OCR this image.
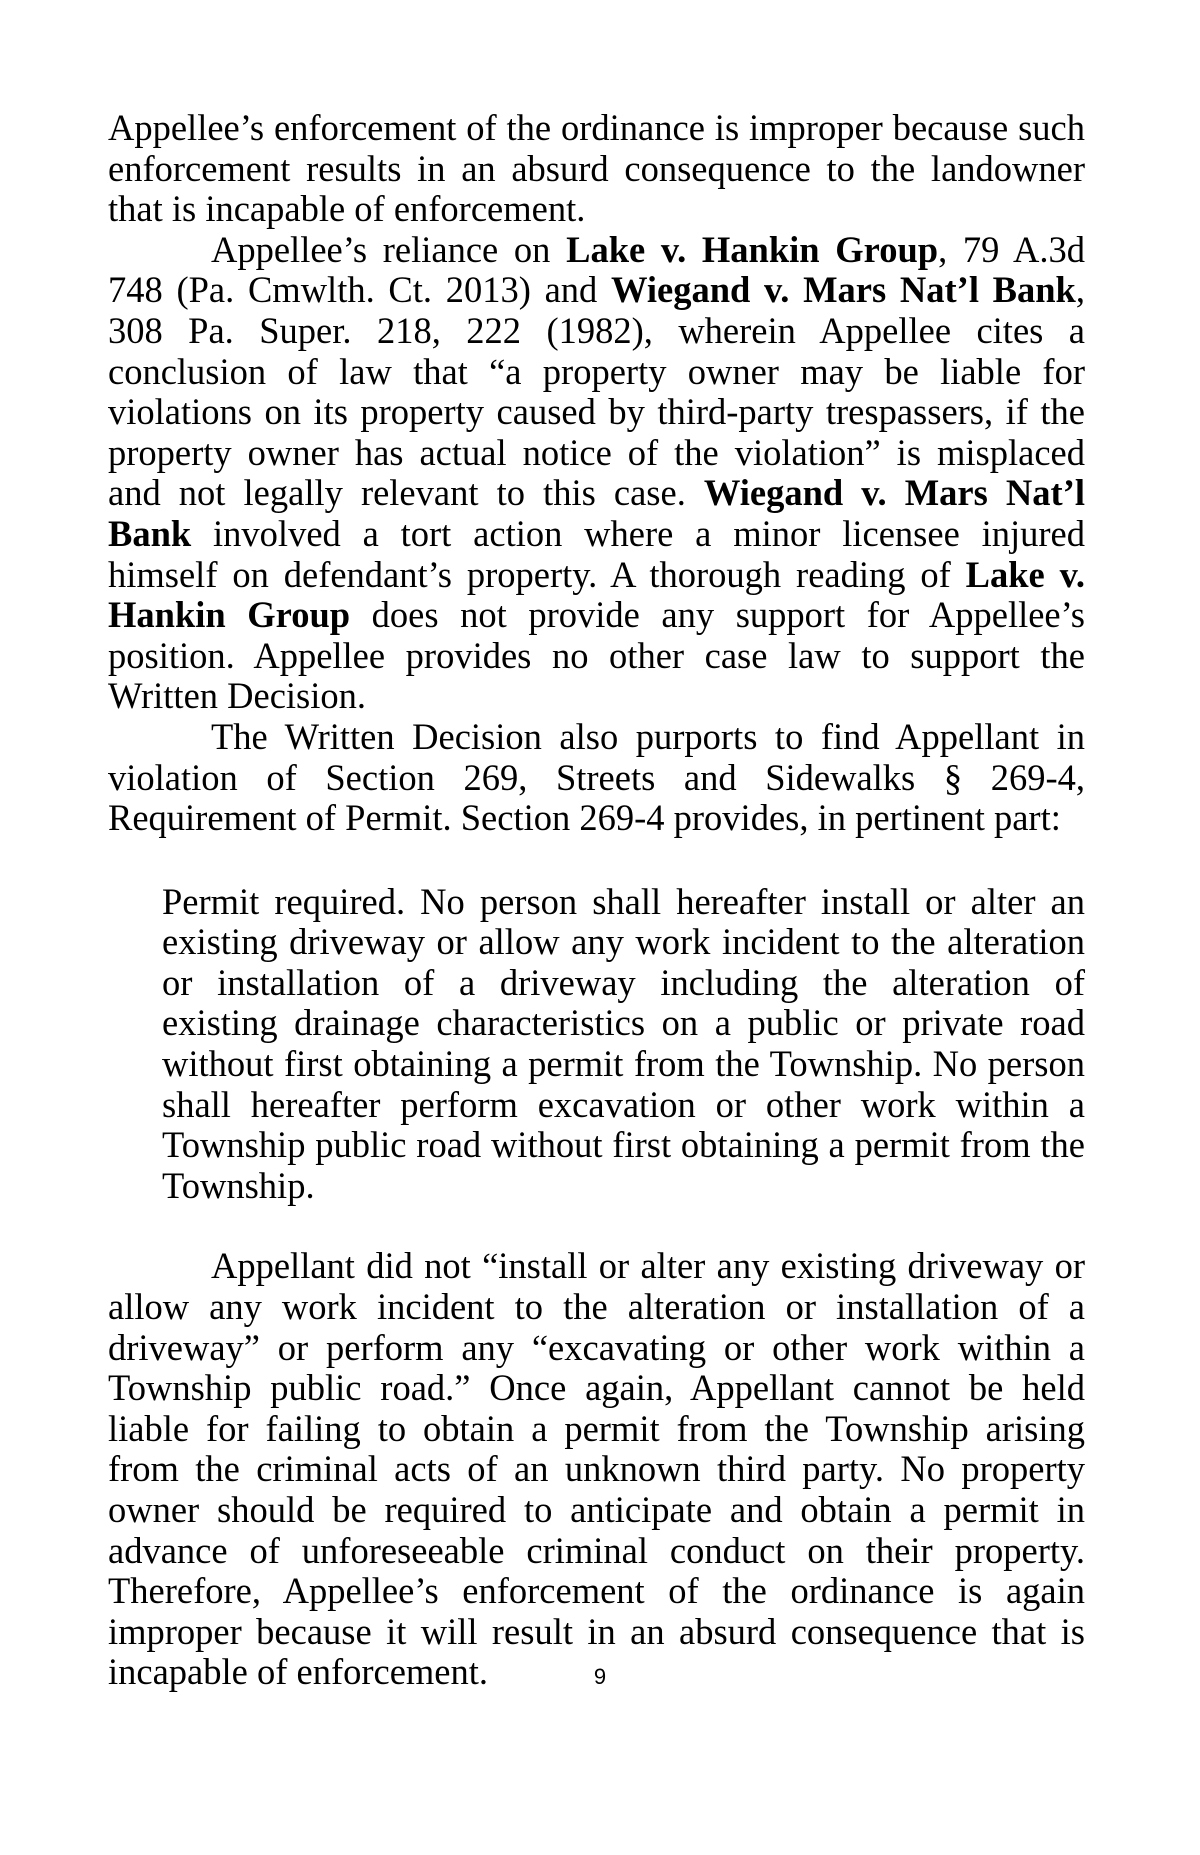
Appellee’s enforcement of the ordinance is improper because such enforcement results in an absurd consequence to the landowner that is incapable of enforcement.

Appellee’s reliance on Lake v. Hankin Group, 79 A.3d 748 (Pa. Cmwlth. Ct. 2013) and Wiegand v. Mars Nat’l Bank, 308 Pa. Super. 218, 222 (1982), wherein Appellee cites a conclusion of law that “a property owner may be liable for violations on its property caused by third-party trespassers, if the property owner has actual notice of the violation” is misplaced and not legally relevant to this case. Wiegand v. Mars Nat’l Bank involved a tort action where a minor licensee injured himself on defendant’s property. A thorough reading of Lake v. Hankin Group does not provide any support for Appellee’s position. Appellee provides no other case law to support the Written Decision.

The Written Decision also purports to find Appellant in violation of Section 269, Streets and Sidewalks § 269-4, Requirement of Permit. Section 269-4 provides, in pertinent part:

Permit required. No person shall hereafter install or alter an existing driveway or allow any work incident to the alteration or installation of a driveway including the alteration of existing drainage characteristics on a public or private road without first obtaining a permit from the Township. No person shall hereafter perform excavation or other work within a Township public road without first obtaining a permit from the Township.

Appellant did not “install or alter any existing driveway or allow any work incident to the alteration or installation of a driveway” or perform any “excavating or other work within a Township public road.” Once again, Appellant cannot be held liable for failing to obtain a permit from the Township arising from the criminal acts of an unknown third party. No property owner should be required to anticipate and obtain a permit in advance of unforeseeable criminal conduct on their property. Therefore, Appellee’s enforcement of the ordinance is again improper because it will result in an absurd consequence that is incapable of enforcement.	9
